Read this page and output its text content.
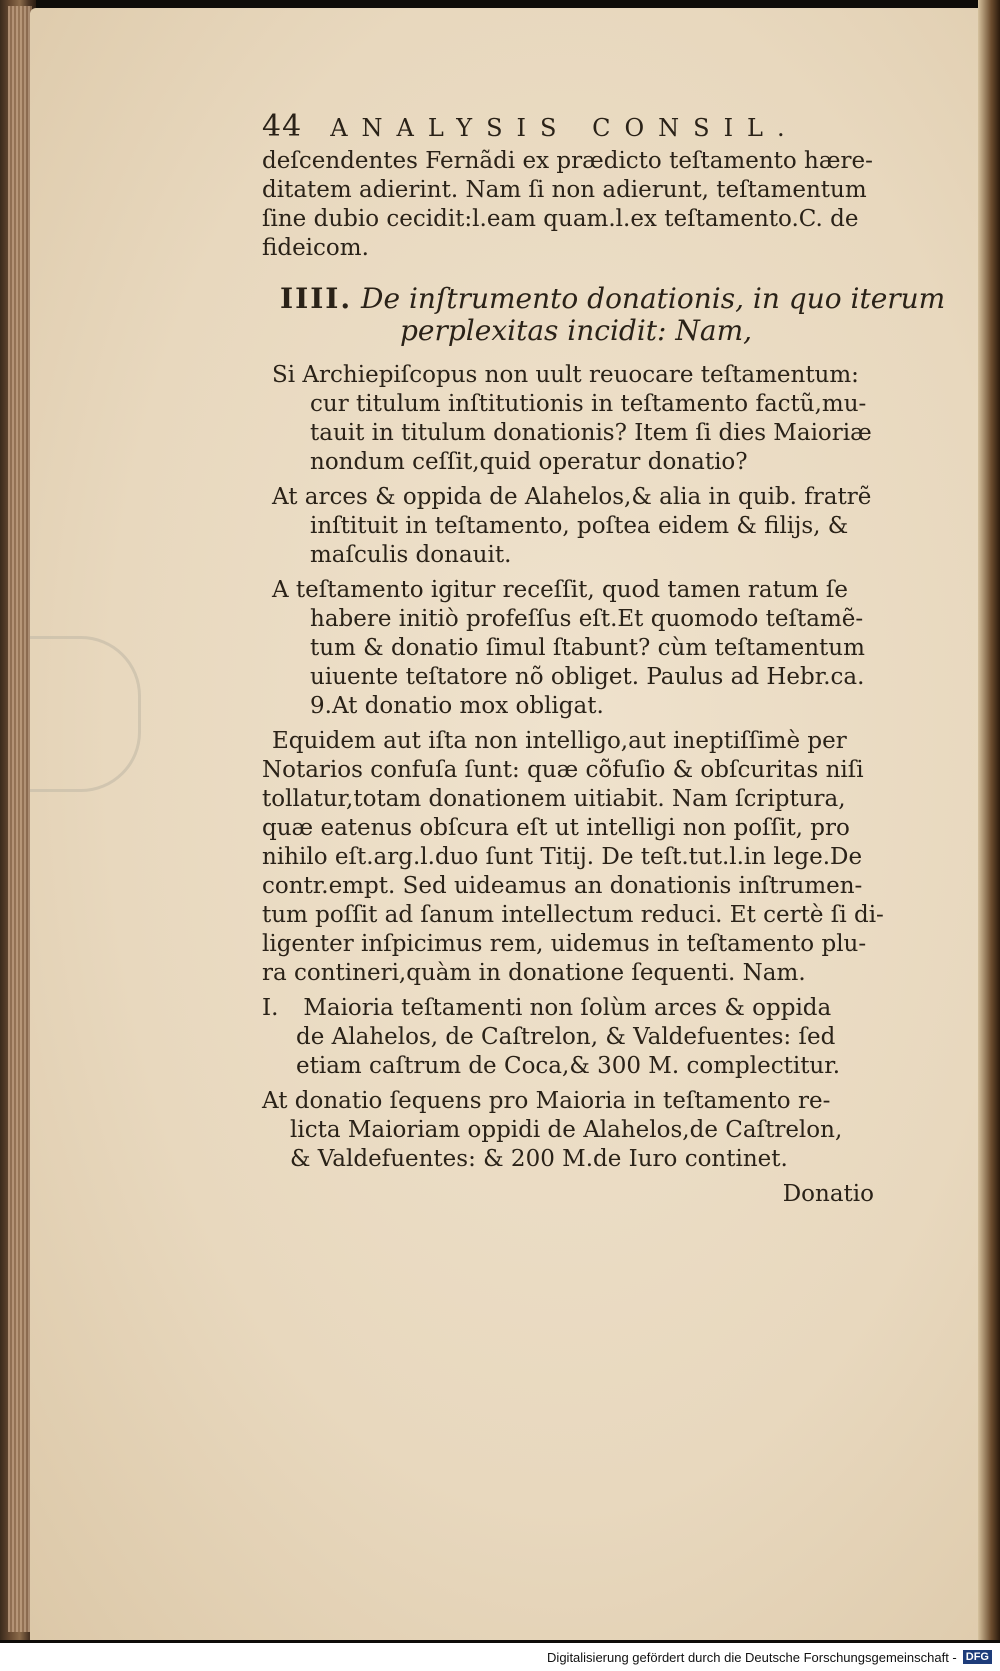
44 ANALYSIS CONSIL.
deſcendentes Fernãdi ex prædicto teſtamento hære-
ditatem adierint. Nam ſi non adierunt, teſtamentum
ſine dubio cecidit:l.eam quam.l.ex teſtamento.C. de
fideicom.
IIII. De inſtrumento donationis, in quo iterum
perplexitas incidit: Nam,
Si Archiepiſcopus non uult reuocare teſtamentum:
cur titulum inſtitutionis in teſtamento factũ,mu-
tauit in titulum donationis? Item ſi dies Maioriæ
nondum ceſſit,quid operatur donatio?
At arces & oppida de Alahelos,& alia in quib. fratrẽ
inſtituit in teſtamento, poſtea eidem & filijs, &
maſculis donauit.
A teſtamento igitur receſſit, quod tamen ratum ſe
habere initiò profeſſus eſt.Et quomodo teſtamẽ-
tum & donatio ſimul ſtabunt? cùm teſtamentum
uiuente teſtatore nõ obliget. Paulus ad Hebr.ca.
9.At donatio mox obligat.
Equidem aut iſta non intelligo,aut ineptiſſimè per
Notarios confuſa ſunt: quæ cõfuſio & obſcuritas niſi
tollatur,totam donationem uitiabit. Nam ſcriptura,
quæ eatenus obſcura eſt ut intelligi non poſſit, pro
nihilo eſt.arg.l.duo ſunt Titij. De teſt.tut.l.in lege.De
contr.empt. Sed uideamus an donationis inſtrumen-
tum poſſit ad ſanum intellectum reduci. Et certè ſi di-
ligenter inſpicimus rem, uidemus in teſtamento plu-
ra contineri,quàm in donatione ſequenti. Nam.
I. Maioria teſtamenti non ſolùm arces & oppida
de Alahelos, de Caſtrelon, & Valdefuentes: ſed
etiam caſtrum de Coca,& 300 M. complectitur.
At donatio ſequens pro Maioria in teſtamento re-
licta Maioriam oppidi de Alahelos,de Caſtrelon,
& Valdefuentes: & 200 M.de Iuro continet.
Donatio
Digitalisierung gefördert durch die Deutsche Forschungsgemeinschaft - DFG
